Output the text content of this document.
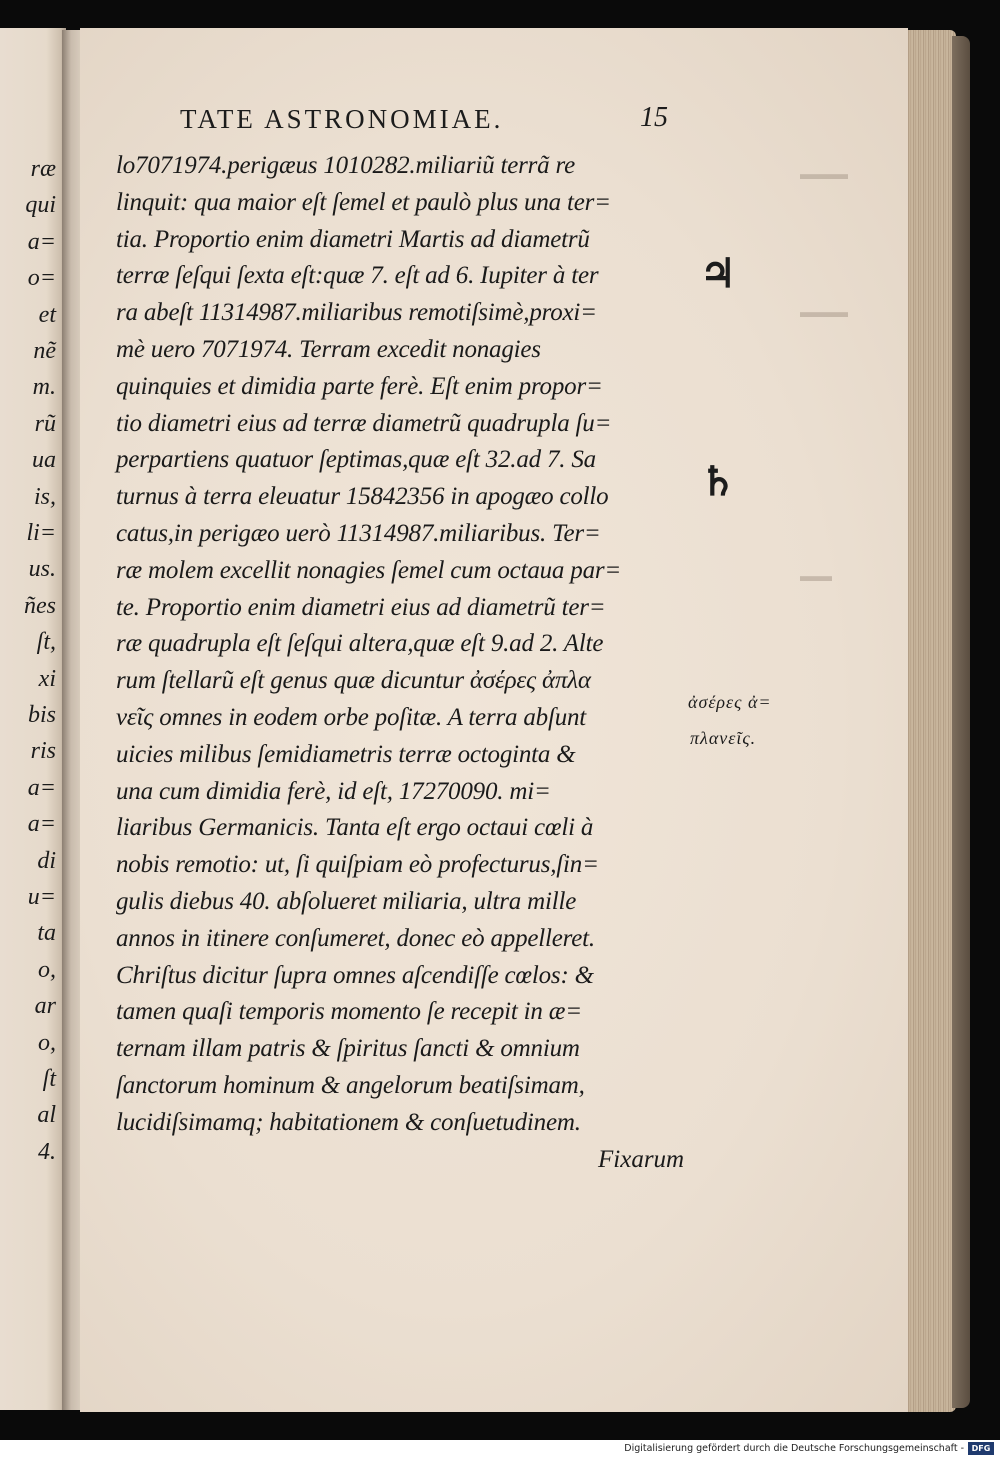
ræ
qui
a=
o=
et
nẽ
m.
rũ
ua
is,
li=
us.
ñes
ſt,
xi
bis
ris
a=
a=
di
u=
ta
o,
ar
o,
ſt
al
4.
TATE ASTRONOMIAE.	15
lo7071974.perigæus 1010282.miliariũ terrã re
linquit: qua maior eſt ſemel et paulò plus una ter=
tia. Proportio enim diametri Martis ad diametrũ
terræ ſeſqui ſexta eſt:quæ 7. eſt ad 6. Iupiter à ter
ra abeſt 11314987.miliaribus remotiſsimè,proxi=
mè uero 7071974. Terram excedit nonagies
quinquies et dimidia parte ferè. Eſt enim propor=
tio diametri eius ad terræ diametrũ quadrupla ſu=
perpartiens quatuor ſeptimas,quæ eſt 32.ad 7. Sa
turnus à terra eleuatur 15842356 in apogæo collo
catus,in perigæo uerò 11314987.miliaribus. Ter=
ræ molem excellit nonagies ſemel cum octaua par=
te. Proportio enim diametri eius ad diametrũ ter=
ræ quadrupla eſt ſeſqui altera,quæ eſt 9.ad 2. Alte
rum ſtellarũ eſt genus quæ dicuntur ἀσέρες ἀπλα
νεῖς omnes in eodem orbe poſitæ. A terra abſunt
uicies milibus ſemidiametris terræ octoginta &
una cum dimidia ferè, id eſt, 17270090. mi=
liaribus Germanicis. Tanta eſt ergo octaui cœli à
nobis remotio: ut, ſi quiſpiam eò profecturus,ſin=
gulis diebus 40. abſolueret miliaria, ultra mille
annos in itinere conſumeret, donec eò appelleret.
Chriſtus dicitur ſupra omnes aſcendiſſe cœlos: &
tamen quaſi temporis momento ſe recepit in æ=
ternam illam patris & ſpiritus ſancti & omnium
ſanctorum hominum & angelorum beatiſsimam,
lucidiſsimamq; habitationem & conſuetudinem.
Fixarum
♃
♄
ἀσέρες ἀ=
πλανεῖς.
▬▬▬
▬▬▬
▬▬
Digitalisierung gefördert durch die Deutsche Forschungsgemeinschaft - DFG
